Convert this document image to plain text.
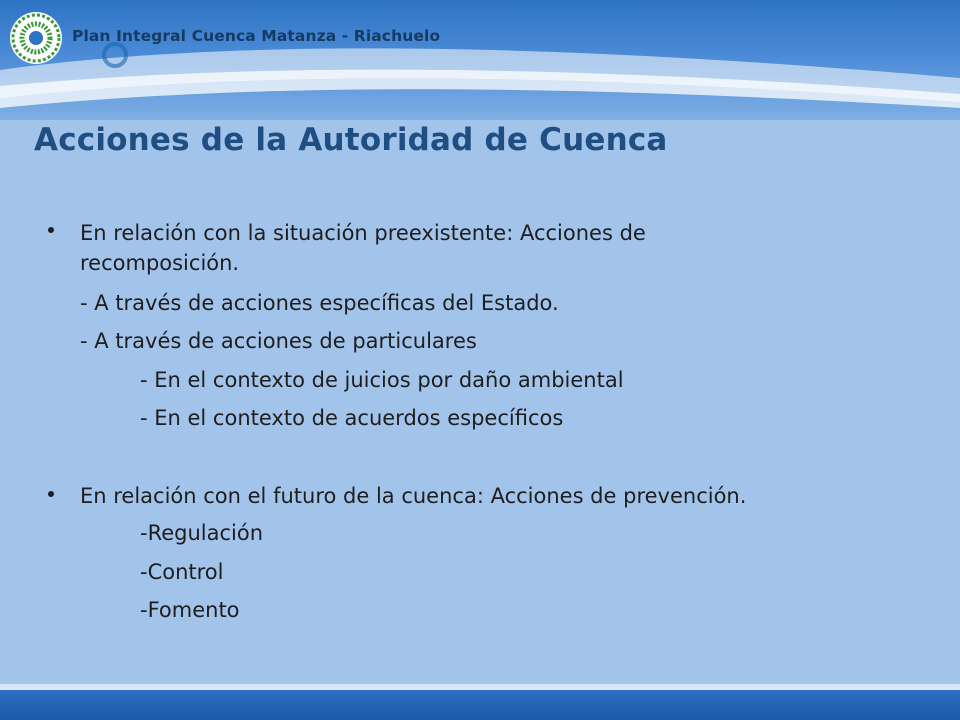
Plan Integral Cuenca Matanza - Riachuelo
Acciones de la Autoridad de Cuenca
En relación con la situación preexistente: Acciones de recomposición.
- A través de acciones específicas del Estado.
- A través de acciones de particulares
- En el contexto de juicios por daño ambiental
- En el contexto de acuerdos específicos
En relación con el futuro de la cuenca: Acciones de prevención.
-Regulación
-Control
-Fomento
